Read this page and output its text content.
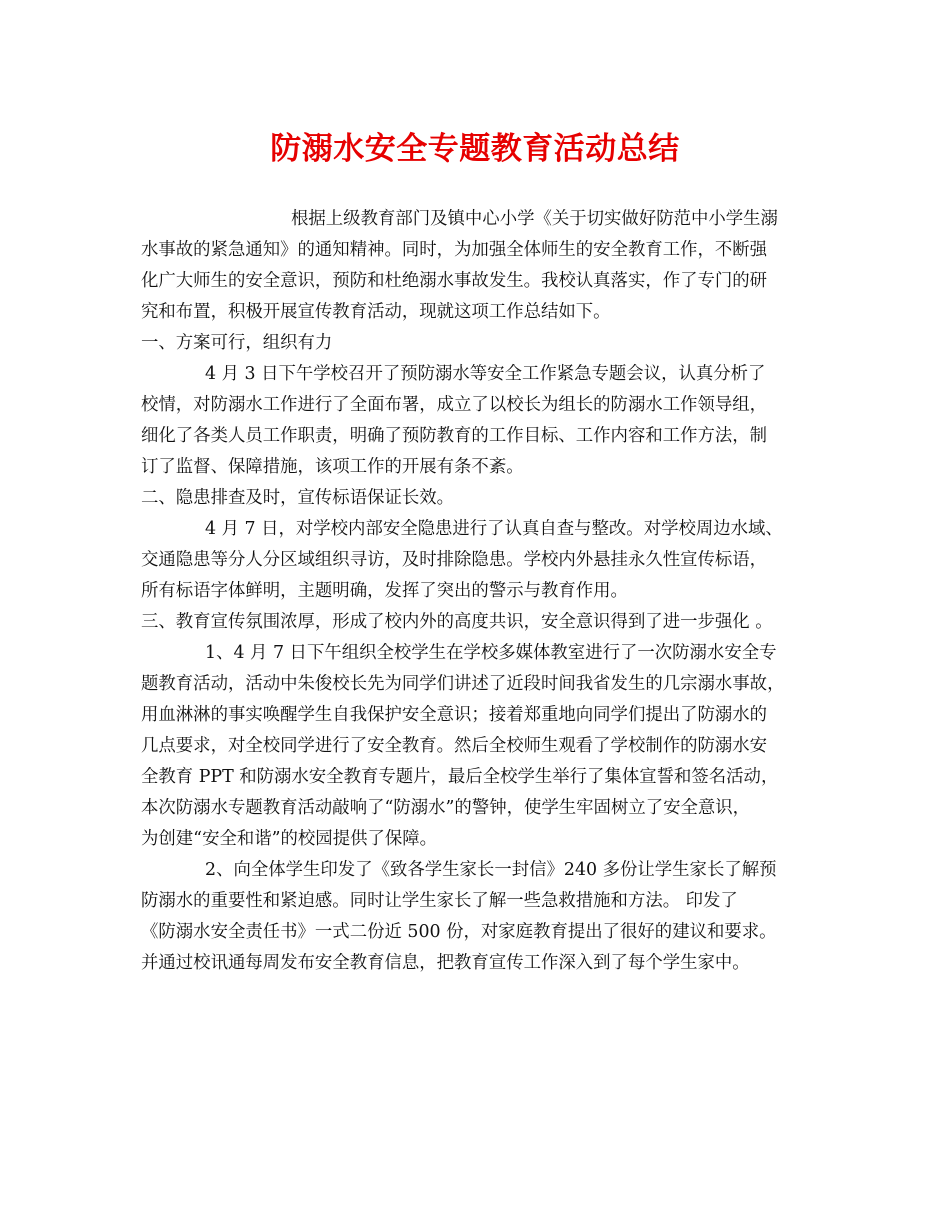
防溺水安全专题教育活动总结
根据上级教育部门及镇中心小学《关于切实做好防范中小学生溺
水事故的紧急通知》的通知精神。同时，为加强全体师生的安全教育工作，不断强
化广大师生的安全意识，预防和杜绝溺水事故发生。我校认真落实，作了专门的研
究和布置，积极开展宣传教育活动，现就这项工作总结如下。
一、方案可行，组织有力
4 月 3 日下午学校召开了预防溺水等安全工作紧急专题会议，认真分析了
校情，对防溺水工作进行了全面布署，成立了以校长为组长的防溺水工作领导组，
细化了各类人员工作职责，明确了预防教育的工作目标、工作内容和工作方法，制
订了监督、保障措施，该项工作的开展有条不紊。
二、隐患排查及时，宣传标语保证长效。
4 月 7 日，对学校内部安全隐患进行了认真自查与整改。对学校周边水域、
交通隐患等分人分区域组织寻访，及时排除隐患。学校内外悬挂永久性宣传标语，
所有标语字体鲜明，主题明确，发挥了突出的警示与教育作用。
三、教育宣传氛围浓厚，形成了校内外的高度共识，安全意识得到了进一步强化 。
1、4 月 7 日下午组织全校学生在学校多媒体教室进行了一次防溺水安全专
题教育活动，活动中朱俊校长先为同学们讲述了近段时间我省发生的几宗溺水事故，
用血淋淋的事实唤醒学生自我保护安全意识；接着郑重地向同学们提出了防溺水的
几点要求，对全校同学进行了安全教育。然后全校师生观看了学校制作的防溺水安
全教育 PPT 和防溺水安全教育专题片，最后全校学生举行了集体宣誓和签名活动，
本次防溺水专题教育活动敲响了“防溺水”的警钟，使学生牢固树立了安全意识，
为创建“安全和谐”的校园提供了保障。
2、向全体学生印发了《致各学生家长一封信》240 多份让学生家长了解预
防溺水的重要性和紧迫感。同时让学生家长了解一些急救措施和方法。 印发了
《防溺水安全责任书》一式二份近 500 份，对家庭教育提出了很好的建议和要求。
并通过校讯通每周发布安全教育信息，把教育宣传工作深入到了每个学生家中。
